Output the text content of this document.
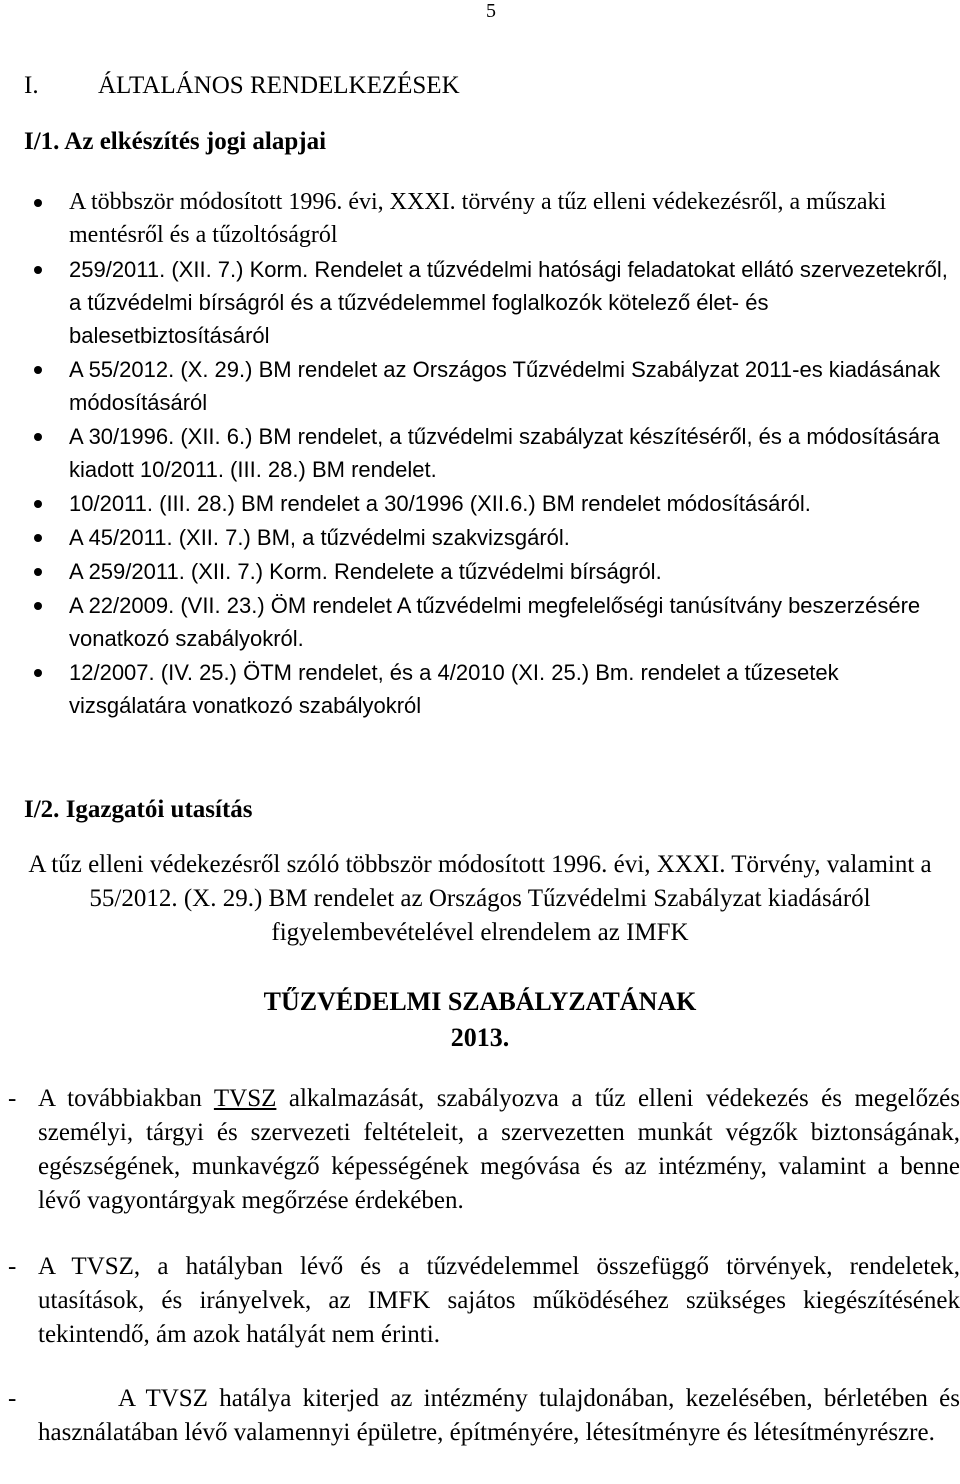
5
I. ÁLTALÁNOS RENDELKEZÉSEK
I/1. Az elkészítés jogi alapjai
A többször módosított 1996. évi, XXXI. törvény a tűz elleni védekezésről, a műszaki mentésről és a tűzoltóságról
259/2011. (XII. 7.) Korm. Rendelet a tűzvédelmi hatósági feladatokat ellátó szervezetekről, a tűzvédelmi bírságról és a tűzvédelemmel foglalkozók kötelező élet- és balesetbiztosításáról
A 55/2012. (X. 29.) BM rendelet az Országos Tűzvédelmi Szabályzat 2011-es kiadásának módosításáról
A 30/1996. (XII. 6.) BM rendelet, a tűzvédelmi szabályzat készítéséről, és a módosítására kiadott 10/2011. (III. 28.) BM rendelet.
10/2011. (III. 28.) BM rendelet a 30/1996 (XII.6.) BM rendelet módosításáról.
A 45/2011. (XII. 7.) BM, a tűzvédelmi szakvizsgáról.
A 259/2011. (XII. 7.) Korm. Rendelete a tűzvédelmi bírságról.
A 22/2009. (VII. 23.) ÖM rendelet A tűzvédelmi megfelelőségi tanúsítvány beszerzésére vonatkozó szabályokról.
12/2007. (IV. 25.) ÖTM rendelet, és a 4/2010 (XI. 25.) Bm. rendelet a tűzesetek vizsgálatára vonatkozó szabályokról
I/2. Igazgatói utasítás
A tűz elleni védekezésről szóló többször módosított 1996. évi, XXXI. Törvény, valamint a 55/2012. (X. 29.) BM rendelet az Országos Tűzvédelmi Szabályzat kiadásáról figyelembevételével elrendelem az IMFK
TŰZVÉDELMI SZABÁLYZATÁNAK
2013.
- A továbbiakban TVSZ alkalmazását, szabályozva a tűz elleni védekezés és megelőzés személyi, tárgyi és szervezeti feltételeit, a szervezetten munkát végzők biztonságának, egészségének, munkavégző képességének megóvása és az intézmény, valamint a benne lévő vagyontárgyak megőrzése érdekében.
- A TVSZ, a hatályban lévő és a tűzvédelemmel összefüggő törvények, rendeletek, utasítások, és irányelvek, az IMFK sajátos működéséhez szükséges kiegészítésének tekintendő, ám azok hatályát nem érinti.
-	A TVSZ hatálya kiterjed az intézmény tulajdonában, kezelésében, bérletében és használatában lévő valamennyi épületre, építményére, létesítményre és létesítményrészre.
